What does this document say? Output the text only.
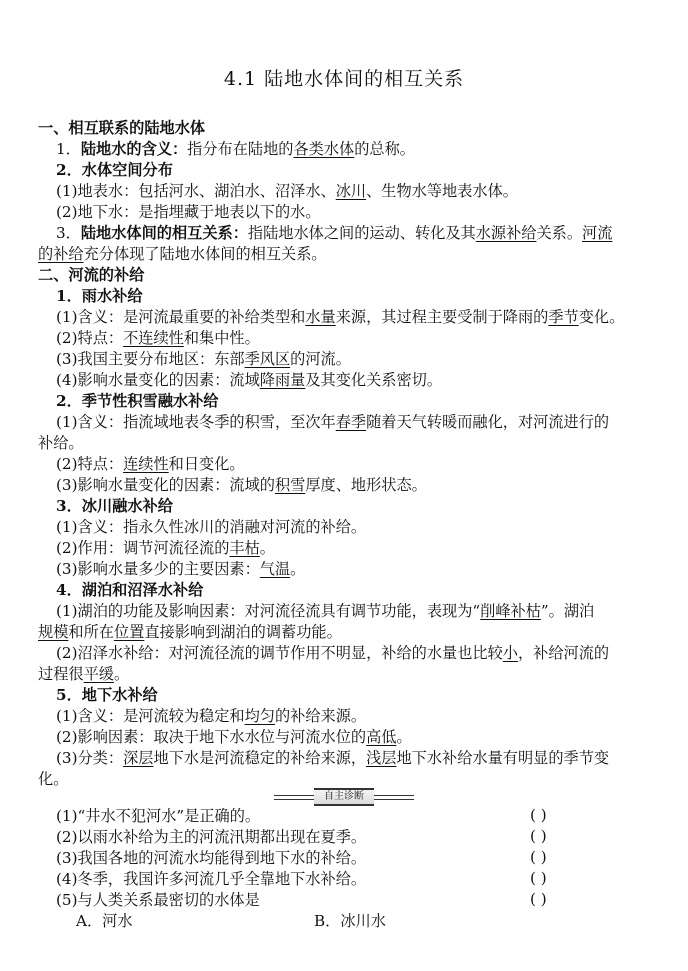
4.1 陆地水体间的相互关系
一、相互联系的陆地水体
1．陆地水的含义：指分布在陆地的各类水体的总称。
2．水体空间分布
(1)地表水：包括河水、湖泊水、沼泽水、冰川、生物水等地表水体。
(2)地下水：是指埋藏于地表以下的水。
3．陆地水体间的相互关系：指陆地水体之间的运动、转化及其水源补给关系。河流
的补给充分体现了陆地水体间的相互关系。
二、河流的补给
1．雨水补给
(1)含义：是河流最重要的补给类型和水量来源，其过程主要受制于降雨的季节变化。
(2)特点：不连续性和集中性。
(3)我国主要分布地区：东部季风区的河流。
(4)影响水量变化的因素：流域降雨量及其变化关系密切。
2．季节性积雪融水补给
(1)含义：指流域地表冬季的积雪，至次年春季随着天气转暖而融化，对河流进行的
补给。
(2)特点：连续性和日变化。
(3)影响水量变化的因素：流域的积雪厚度、地形状态。
3．冰川融水补给
(1)含义：指永久性冰川的消融对河流的补给。
(2)作用：调节河流径流的丰枯。
(3)影响水量多少的主要因素：气温。
4．湖泊和沼泽水补给
(1)湖泊的功能及影响因素：对河流径流具有调节功能，表现为“削峰补枯”。湖泊
规模和所在位置直接影响到湖泊的调蓄功能。
(2)沼泽水补给：对河流径流的调节作用不明显，补给的水量也比较小，补给河流的
过程很平缓。
5．地下水补给
(1)含义：是河流较为稳定和均匀的补给来源。
(2)影响因素：取决于地下水水位与河流水位的高低。
(3)分类：深层地下水是河流稳定的补给来源，浅层地下水补给水量有明显的季节变
化。
自主诊断
(1)“井水不犯河水”是正确的。	( )
(2)以雨水补给为主的河流汛期都出现在夏季。	( )
(3)我国各地的河流水均能得到地下水的补给。	( )
(4)冬季，我国许多河流几乎全靠地下水补给。	( )
(5)与人类关系最密切的水体是	( )
A．河水	B．冰川水
